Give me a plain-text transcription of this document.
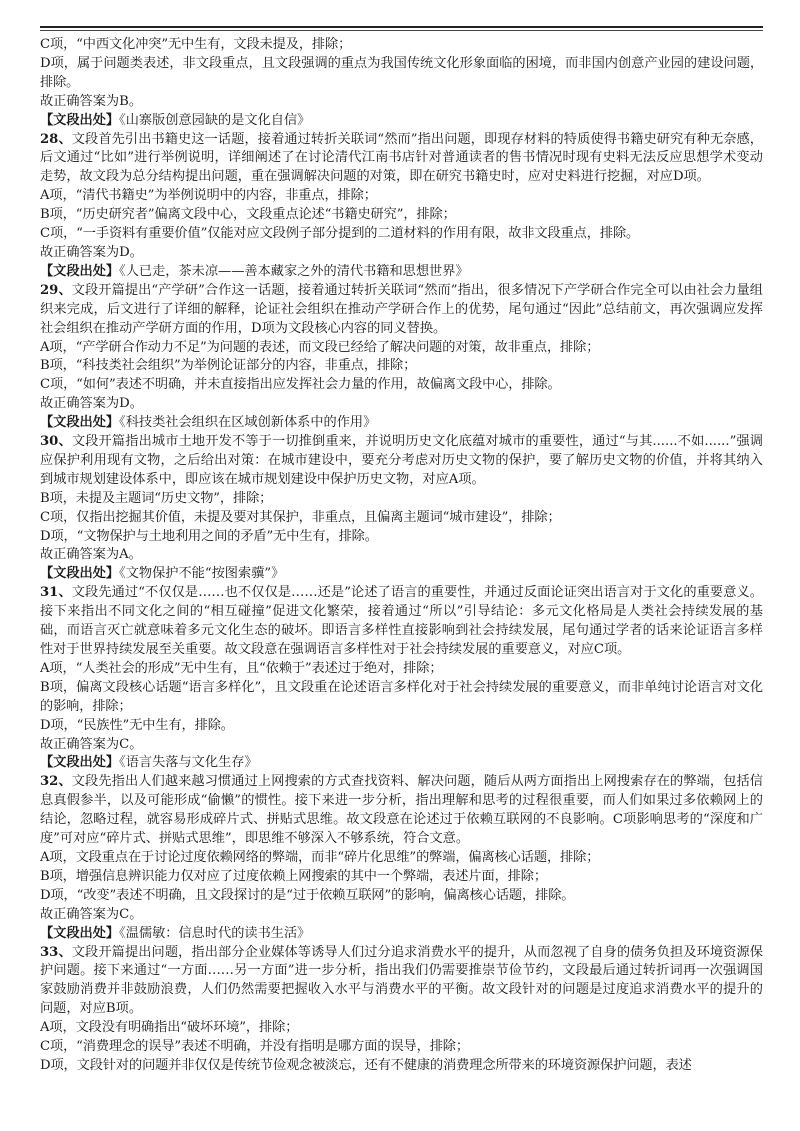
C项，“中西文化冲突”无中生有，文段未提及，排除；
D项，属于问题类表述，非文段重点，且文段强调的重点为我国传统文化形象面临的困境，而非国内创意产业园的建设问题，排除。
故正确答案为B。
【文段出处】《山寨版创意园缺的是文化自信》

28、文段首先引出书籍史这一话题，接着通过转折关联词“然而”指出问题，即现存材料的特质使得书籍史研究有种无奈感，后文通过“比如”进行举例说明，详细阐述了在讨论清代江南书店针对普通读者的售书情况时现有史料无法反应思想学术变动走势，故文段为总分结构提出问题，重在强调解决问题的对策，即在研究书籍史时，应对史料进行挖掘，对应D项。

A项，“清代书籍史”为举例说明中的内容，非重点，排除；
B项，“历史研究者”偏离文段中心，文段重点论述“书籍史研究”，排除；
C项，“一手资料有重要价值”仅能对应文段例子部分提到的二道材料的作用有限，故非文段重点，排除。
故正确答案为D。
【文段出处】《人已走，茶未凉——善本藏家之外的清代书籍和思想世界》

29、文段开篇提出“产学研”合作这一话题，接着通过转折关联词“然而”指出，很多情况下产学研合作完全可以由社会力量组织来完成，后文进行了详细的解释，论证社会组织在推动产学研合作上的优势，尾句通过“因此”总结前文，再次强调应发挥社会组织在推动产学研方面的作用，D项为文段核心内容的同义替换。

A项，“产学研合作动力不足”为问题的表述，而文段已经给了解决问题的对策，故非重点，排除；
B项，“科技类社会组织”为举例论证部分的内容，非重点，排除；
C项，“如何”表述不明确，并未直接指出应发挥社会力量的作用，故偏离文段中心，排除。
故正确答案为D。
【文段出处】《科技类社会组织在区域创新体系中的作用》

30、文段开篇指出城市土地开发不等于一切推倒重来，并说明历史文化底蕴对城市的重要性，通过“与其......不如......”强调应保护利用现有文物，之后给出对策：在城市建设中，要充分考虑对历史文物的保护，要了解历史文物的价值，并将其纳入到城市规划建设体系中，即应该在城市规划建设中保护历史文物，对应A项。

B项，未提及主题词“历史文物”，排除；
C项，仅指出挖掘其价值，未提及要对其保护，非重点，且偏离主题词“城市建设”，排除；
D项，“文物保护与土地利用之间的矛盾”无中生有，排除。
故正确答案为A。
【文段出处】《文物保护不能“按图索骥”》

31、文段先通过“不仅仅是……也不仅仅是……还是”论述了语言的重要性，并通过反面论证突出语言对于文化的重要意义。接下来指出不同文化之间的“相互碰撞”促进文化繁荣，接着通过“所以”引导结论：多元文化格局是人类社会持续发展的基础，而语言灭亡就意味着多元文化生态的破坏。即语言多样性直接影响到社会持续发展，尾句通过学者的话来论证语言多样性对于世界持续发展至关重要。故文段意在强调语言多样性对于社会持续发展的重要意义，对应C项。

A项，“人类社会的形成”无中生有，且“依赖于”表述过于绝对，排除；
B项，偏离文段核心话题“语言多样化”，且文段重在论述语言多样化对于社会持续发展的重要意义，而非单纯讨论语言对文化的影响，排除；
D项，“民族性”无中生有，排除。
故正确答案为C。
【文段出处】《语言失落与文化生存》

32、文段先指出人们越来越习惯通过上网搜索的方式查找资料、解决问题，随后从两方面指出上网搜索存在的弊端，包括信息真假参半，以及可能形成“偷懒”的惯性。接下来进一步分析，指出理解和思考的过程很重要，而人们如果过多依赖网上的结论，忽略过程，就容易形成碎片式、拼贴式思维。故文段意在论述过于依赖互联网的不良影响。C项影响思考的“深度和广度”可对应“碎片式、拼贴式思维”，即思维不够深入不够系统，符合文意。

A项，文段重点在于讨论过度依赖网络的弊端，而非“碎片化思维”的弊端，偏离核心话题，排除；
B项，增强信息辨识能力仅对应了过度依赖上网搜索的其中一个弊端，表述片面，排除；
D项，“改变”表述不明确，且文段探讨的是“过于依赖互联网”的影响，偏离核心话题，排除。
故正确答案为C。
【文段出处】《温儒敏：信息时代的读书生活》

33、文段开篇提出问题，指出部分企业媒体等诱导人们过分追求消费水平的提升，从而忽视了自身的债务负担及环境资源保护问题。接下来通过“一方面……另一方面”进一步分析，指出我们仍需要推崇节俭节约，文段最后通过转折词再一次强调国家鼓励消费并非鼓励浪费，人们仍然需要把握收入水平与消费水平的平衡。故文段针对的问题是过度追求消费水平的提升的问题，对应B项。

A项，文段没有明确指出“破坏环境”，排除；
C项，“消费理念的误导”表述不明确，并没有指明是哪方面的误导，排除；
D项，文段针对的问题并非仅仅是传统节俭观念被淡忘，还有不健康的消费理念所带来的环境资源保护问题，表述
